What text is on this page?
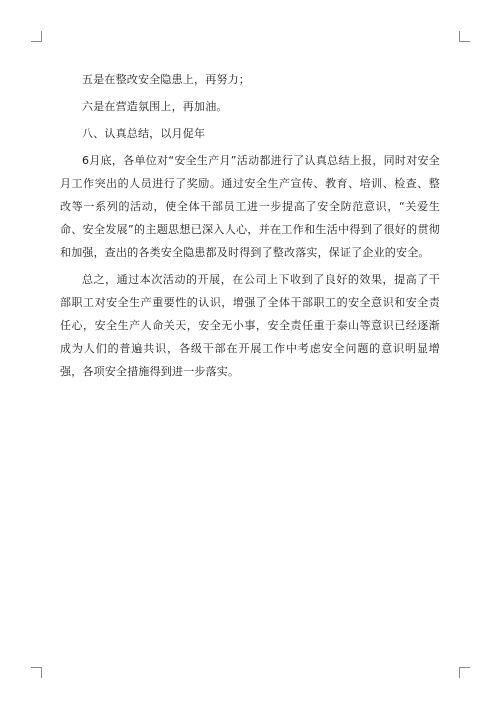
五是在整改安全隐患上，再努力；

六是在营造氛围上，再加油。

八、认真总结，以月促年

6月底，各单位对“安全生产月”活动都进行了认真总结上报，同时对安全月工作突出的人员进行了奖励。通过安全生产宣传、教育、培训、检查、整改等一系列的活动，使全体干部员工进一步提高了安全防范意识，“关爱生命、安全发展”的主题思想已深入人心，并在工作和生活中得到了很好的贯彻和加强，查出的各类安全隐患都及时得到了整改落实，保证了企业的安全。

总之，通过本次活动的开展，在公司上下收到了良好的效果，提高了干部职工对安全生产重要性的认识，增强了全体干部职工的安全意识和安全责任心，安全生产人命关天，安全无小事，安全责任重于泰山等意识已经逐渐成为人们的普遍共识，各级干部在开展工作中考虑安全问题的意识明显增强，各项安全措施得到进一步落实。
